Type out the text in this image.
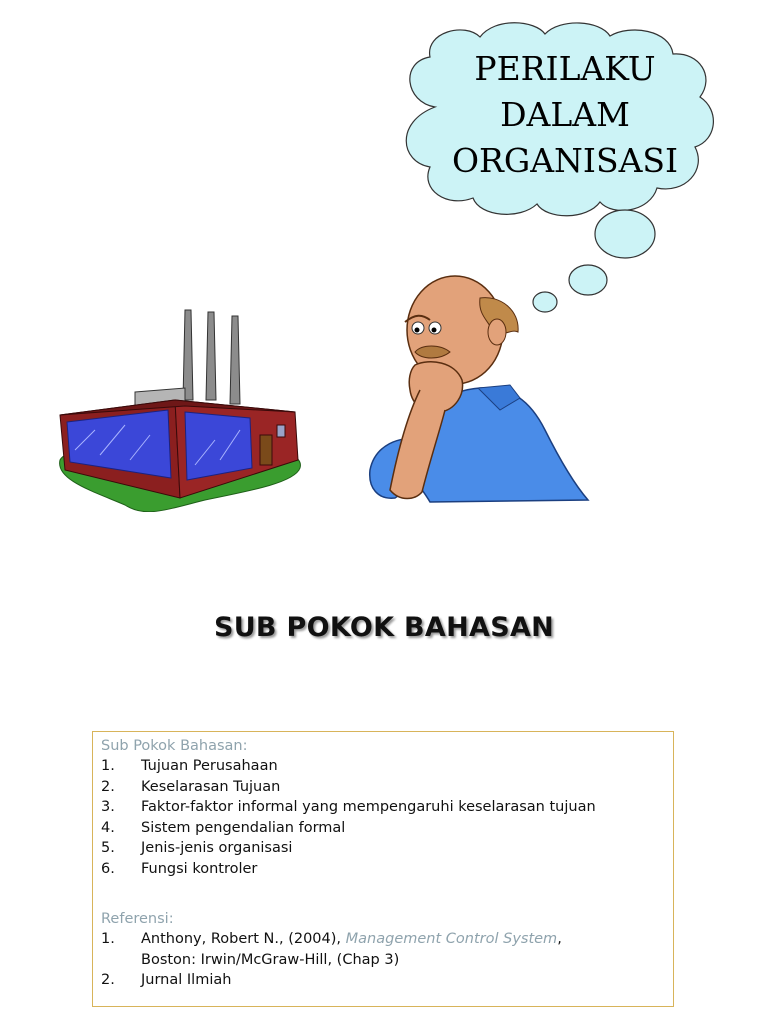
PERILAKU
DALAM
ORGANISASI
SUB POKOK BAHASAN
Sub Pokok Bahasan:
1.	Tujuan Perusahaan
2.	Keselarasan Tujuan
3.	Faktor-faktor informal yang mempengaruhi keselarasan tujuan
4.	Sistem pengendalian formal
5.	Jenis-jenis organisasi
6.	Fungsi kontroler
Referensi:
1.	Anthony, Robert N., (2004), Management Control System,
Boston: Irwin/McGraw-Hill, (Chap 3)
2.	Jurnal Ilmiah
